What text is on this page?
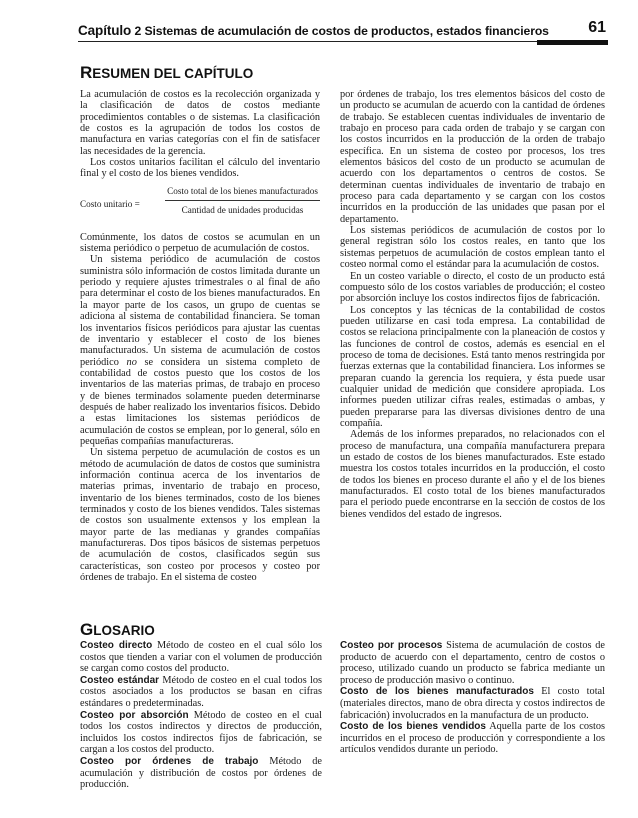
Capítulo 2 Sistemas de acumulación de costos de productos, estados financieros 61
RESUMEN DEL CAPÍTULO

La acumulación de costos es la recolección organizada y la clasificación de datos de costos mediante procedimientos contables o de sistemas. La clasificación de costos es la agrupación de todos los costos de manufactura en varias categorías con el fin de satisfacer las necesidades de la gerencia.

Los costos unitarios facilitan el cálculo del inventario final y el costo de los bienes vendidos.

Costo unitario =
Costo total de los bienes manufacturados
Cantidad de unidades producidas

Comúnmente, los datos de costos se acumulan en un sistema periódico o perpetuo de acumulación de costos.

Un sistema periódico de acumulación de costos suministra sólo información de costos limitada durante un periodo y requiere ajustes trimestrales o al final de año para determinar el costo de los bienes manufacturados. En la mayor parte de los casos, un grupo de cuentas se adiciona al sistema de contabilidad financiera. Se toman los inventarios físicos periódicos para ajustar las cuentas de inventario y establecer el costo de los bienes manufacturados. Un sistema de acumulación de costos periódico no se considera un sistema completo de contabilidad de costos puesto que los costos de los inventarios de las materias primas, de trabajo en proceso y de bienes terminados solamente pueden determinarse después de haber realizado los inventarios físicos. Debido a estas limitaciones los sistemas periódicos de acumulación de costos se emplean, por lo general, sólo en pequeñas compañías manufactureras.

Un sistema perpetuo de acumulación de costos es un método de acumulación de datos de costos que suministra información continua acerca de los inventarios de materias primas, inventario de trabajo en proceso, inventario de los bienes terminados, costo de los bienes terminados y costo de los bienes vendidos. Tales sistemas de costos son usualmente extensos y los emplean la mayor parte de las medianas y grandes compañías manufactureras. Dos tipos básicos de sistemas perpetuos de acumulación de costos, clasificados según sus características, son costeo por procesos y costeo por órdenes de trabajo. En el sistema de costeo

por órdenes de trabajo, los tres elementos básicos del costo de un producto se acumulan de acuerdo con la cantidad de órdenes de trabajo. Se establecen cuentas individuales de inventario de trabajo en proceso para cada orden de trabajo y se cargan con los costos incurridos en la producción de la orden de trabajo específica. En un sistema de costeo por procesos, los tres elementos básicos del costo de un producto se acumulan de acuerdo con los departamentos o centros de costos. Se determinan cuentas individuales de inventario de trabajo en proceso para cada departamento y se cargan con los costos incurridos en la producción de las unidades que pasan por el departamento.

Los sistemas periódicos de acumulación de costos por lo general registran sólo los costos reales, en tanto que los sistemas perpetuos de acumulación de costos emplean tanto el costeo normal como el estándar para la acumulación de costos.

En un costeo variable o directo, el costo de un producto está compuesto sólo de los costos variables de producción; el costeo por absorción incluye los costos indirectos fijos de fabricación.

Los conceptos y las técnicas de la contabilidad de costos pueden utilizarse en casi toda empresa. La contabilidad de costos se relaciona principalmente con la planeación de costos y las funciones de control de costos, además es esencial en el proceso de toma de decisiones. Está tanto menos restringida por fuerzas externas que la contabilidad financiera. Los informes se preparan cuando la gerencia los requiera, y ésta puede usar cualquier unidad de medición que considere apropiada. Los informes pueden utilizar cifras reales, estimadas o ambas, y pueden prepararse para las diversas divisiones dentro de una compañía.

Además de los informes preparados, no relacionados con el proceso de manufactura, una compañía manufacturera prepara un estado de costos de los bienes manufacturados. Este estado muestra los costos totales incurridos en la producción, el costo de todos los bienes en proceso durante el año y el de los bienes manufacturados. El costo total de los bienes manufacturados para el periodo puede encontrarse en la sección de costos de los bienes vendidos del estado de ingresos.

GLOSARIO

Costeo directo Método de costeo en el cual sólo los costos que tienden a variar con el volumen de producción se cargan como costos del producto.

Costeo estándar Método de costeo en el cual todos los costos asociados a los productos se basan en cifras estándares o predeterminadas.

Costeo por absorción Método de costeo en el cual todos los costos indirectos y directos de producción, incluidos los costos indirectos fijos de fabricación, se cargan a los costos del producto.

Costeo por órdenes de trabajo Método de acumulación y distribución de costos por órdenes de producción.

Costeo por procesos Sistema de acumulación de costos de producto de acuerdo con el departamento, centro de costos o proceso, utilizado cuando un producto se fabrica mediante un proceso de producción masivo o continuo.

Costo de los bienes manufacturados El costo total (materiales directos, mano de obra directa y costos indirectos de fabricación) involucrados en la manufactura de un producto.

Costo de los bienes vendidos Aquella parte de los costos incurridos en el proceso de producción y correspondiente a los artículos vendidos durante un periodo.
